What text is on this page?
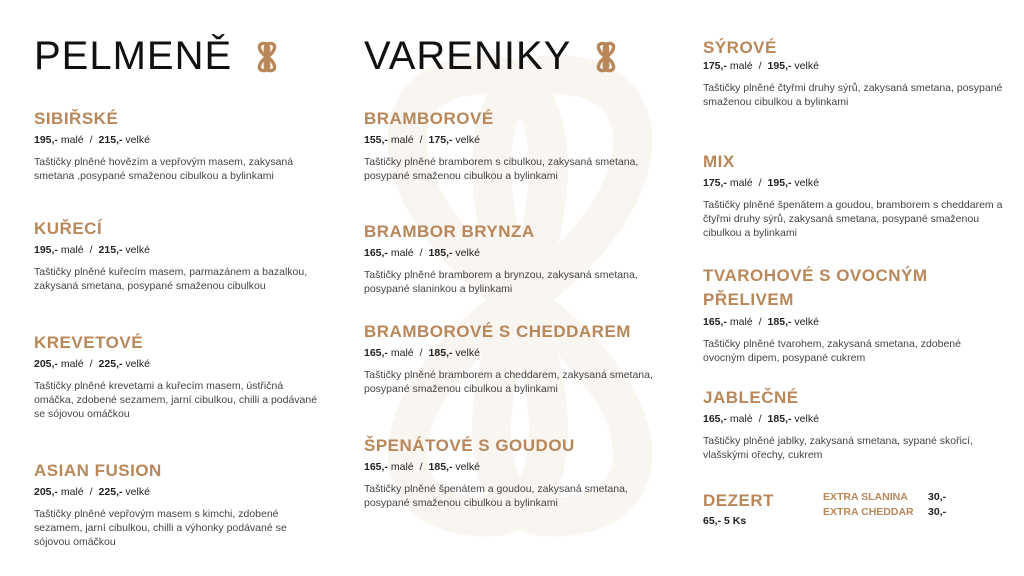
PELMENĚ
SIBIŘSKÉ
195,- malé / 215,- velké
Taštičky plněné hovězím a vepřovým masem, zakysaná smetana ,posypané smaženou cibulkou a bylinkami
KUŘECÍ
195,- malé / 215,- velké
Taštičky plněné kuřecím masem, parmazánem a bazalkou, zakysaná smetana, posypané smaženou cibulkou
KREVETOVÉ
205,- malé / 225,- velké
Taštičky plněné krevetami a kuřecím masem, ústřičná omáčka, zdobené sezamem, jarní cibulkou, chilli a podávané se sójovou omáčkou
ASIAN FUSION
205,- malé / 225,- velké
Taštičky plněné vepřovým masem s kimchi, zdobené sezamem, jarní cibulkou, chilli a výhonky podávané se sójovou omáčkou
VARENIKY
BRAMBOROVÉ
155,- malé / 175,- velké
Taštičky plněné bramborem s cibulkou, zakysaná smetana, posypané smaženou cibulkou a bylinkami
BRAMBOR BRYNZA
165,- malé / 185,- velké
Taštičky plněné bramborem a brynzou, zakysaná smetana, posypané slaninkou a bylinkami
BRAMBOROVÉ S CHEDDAREM
165,- malé / 185,- velké
Taštičky plněné bramborem a cheddarem, zakysaná smetana, posypané smaženou cibulkou a bylinkami
ŠPENÁTOVÉ S GOUDOU
165,- malé / 185,- velké
Taštičky plněné špenátem a goudou, zakysaná smetana, posypané smaženou cibulkou a bylinkami
SÝROVÉ
175,- malé / 195,- velké
Taštičky plněné čtyřmi druhy sýrů, zakysaná smetana, posypané smaženou cibulkou a bylinkami
MIX
175,- malé / 195,- velké
Taštičky plněné špenátem a goudou, bramborem s cheddarem a čtyřmi druhy sýrů, zakysaná smetana, posypané smaženou cibulkou a bylinkami
TVAROHOVÉ S OVOCNÝM PŘELIVEM
165,- malé / 185,- velké
Taštičky plněné tvarohem, zakysaná smetana, zdobené ovocným dipem, posypané cukrem
JABLEČNÉ
165,- malé / 185,- velké
Taštičky plněné jablky, zakysaná smetana, sypané skořicí, vlašskými ořechy, cukrem
DEZERT
65,- 5 Ks
EXTRA SLANINA	30,-
EXTRA CHEDDAR	30,-
